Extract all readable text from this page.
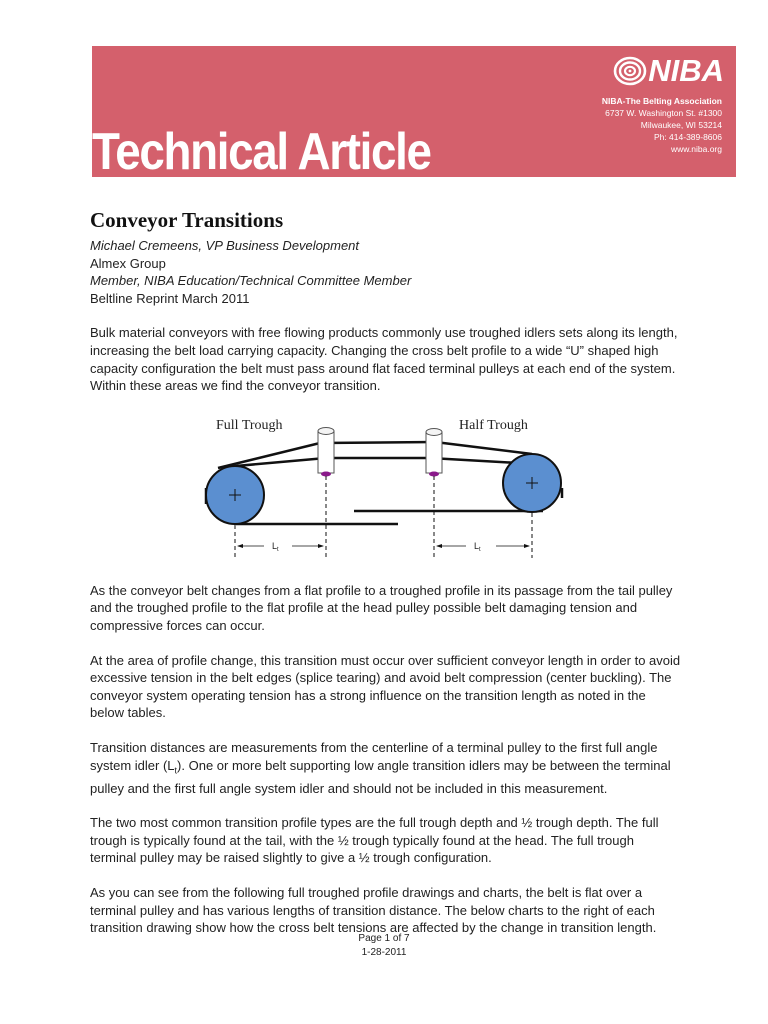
NIBA
NIBA-The Belting Association
6737 W. Washington St. #1300
Milwaukee, WI 53214
Ph: 414-389-8606
www.niba.org
Technical Article

Technical Article Content Pulled from the NIBA Belt Line Newsletter

Conveyor Transitions
Michael Cremeens, VP Business Development
Almex Group
Member, NIBA Education/Technical Committee Member
Beltline Reprint March 2011

Bulk material conveyors with free flowing products commonly use troughed idlers sets along its length, increasing the belt load carrying capacity. Changing the cross belt profile to a wide “U” shaped high capacity configuration the belt must pass around flat faced terminal pulleys at each end of the system. Within these areas we find the conveyor transition.

As the conveyor belt changes from a flat profile to a troughed profile in its passage from the tail pulley and the troughed profile to the flat profile at the head pulley possible belt damaging tension and compressive forces can occur.

At the area of profile change, this transition must occur over sufficient conveyor length in order to avoid excessive tension in the belt edges (splice tearing) and avoid belt compression (center buckling). The conveyor system operating tension has a strong influence on the transition length as noted in the below tables.

Transition distances are measurements from the centerline of a terminal pulley to the first full angle system idler $(L_t)$. One or more belt supporting low angle transition idlers may be between the terminal pulley and the first full angle system idler and should not be included in this measurement.

The two most common transition profile types are the full trough depth and ½ trough depth. The full trough is typically found at the tail, with the ½ trough typically found at the head. The full trough terminal pulley may be raised slightly to give a ½ trough configuration.

As you can see from the following full troughed profile drawings and charts, the belt is flat over a terminal pulley and has various lengths of transition distance. The below charts to the right of each transition drawing show how the cross belt tensions are affected by the change in transition length.

Full Trough	Half Trough
$L_t$	$L_t$
Page 1 of 7
1-28-2011
